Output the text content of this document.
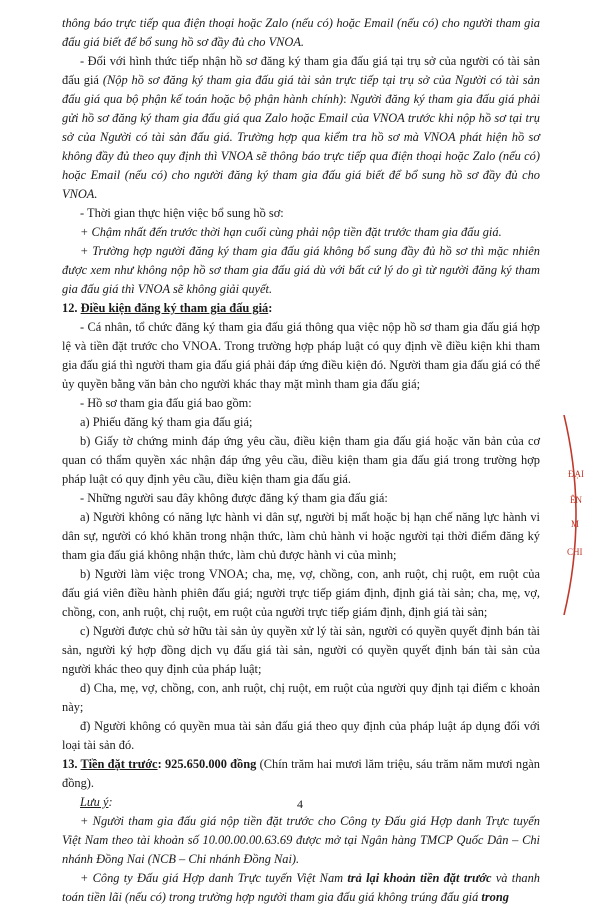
thông báo trực tiếp qua điện thoại hoặc Zalo (nếu có) hoặc Email (nếu có) cho người tham gia đấu giá biết để bổ sung hồ sơ đầy đủ cho VNOA.

- Đối với hình thức tiếp nhận hồ sơ đăng ký tham gia đấu giá tại trụ sở của người có tài sản đấu giá (Nộp hồ sơ đăng ký tham gia đấu giá tài sản trực tiếp tại trụ sở của Người có tài sản đấu giá qua bộ phận kế toán hoặc bộ phận hành chính): Người đăng ký tham gia đấu giá phải gửi hồ sơ đăng ký tham gia đấu giá qua Zalo hoặc Email của VNOA trước khi nộp hồ sơ tại trụ sở của Người có tài sản đấu giá. Trường hợp qua kiểm tra hồ sơ mà VNOA phát hiện hồ sơ không đầy đủ theo quy định thì VNOA sẽ thông báo trực tiếp qua điện thoại hoặc Zalo (nếu có) hoặc Email (nếu có) cho người đăng ký tham gia đấu giá biết để bổ sung hồ sơ đầy đủ cho VNOA.

- Thời gian thực hiện việc bổ sung hồ sơ:

+ Chậm nhất đến trước thời hạn cuối cùng phải nộp tiền đặt trước tham gia đấu giá.

+ Trường hợp người đăng ký tham gia đấu giá không bổ sung đầy đủ hồ sơ thì mặc nhiên được xem như không nộp hồ sơ tham gia đấu giá dù với bất cứ lý do gì từ người đăng ký tham gia đấu giá thì VNOA sẽ không giải quyết.

12. Điều kiện đăng ký tham gia đấu giá:

- Cá nhân, tổ chức đăng ký tham gia đấu giá thông qua việc nộp hồ sơ tham gia đấu giá hợp lệ và tiền đặt trước cho VNOA. Trong trường hợp pháp luật có quy định về điều kiện khi tham gia đấu giá thì người tham gia đấu giá phải đáp ứng điều kiện đó. Người tham gia đấu giá có thể ủy quyền bằng văn bản cho người khác thay mặt mình tham gia đấu giá;

- Hồ sơ tham gia đấu giá bao gồm:

a) Phiếu đăng ký tham gia đấu giá;

b) Giấy tờ chứng minh đáp ứng yêu cầu, điều kiện tham gia đấu giá hoặc văn bản của cơ quan có thẩm quyền xác nhận đáp ứng yêu cầu, điều kiện tham gia đấu giá trong trường hợp pháp luật có quy định yêu cầu, điều kiện tham gia đấu giá.

- Những người sau đây không được đăng ký tham gia đấu giá:

a) Người không có năng lực hành vi dân sự, người bị mất hoặc bị hạn chế năng lực hành vi dân sự, người có khó khăn trong nhận thức, làm chủ hành vi hoặc người tại thời điểm đăng ký tham gia đấu giá không nhận thức, làm chủ được hành vi của mình;

b) Người làm việc trong VNOA; cha, mẹ, vợ, chồng, con, anh ruột, chị ruột, em ruột của đấu giá viên điều hành phiên đấu giá; người trực tiếp giám định, định giá tài sản; cha, mẹ, vợ, chồng, con, anh ruột, chị ruột, em ruột của người trực tiếp giám định, định giá tài sản;

c) Người được chủ sở hữu tài sản ủy quyền xử lý tài sản, người có quyền quyết định bán tài sản, người ký hợp đồng dịch vụ đấu giá tài sản, người có quyền quyết định bán tài sản của người khác theo quy định của pháp luật;

d) Cha, mẹ, vợ, chồng, con, anh ruột, chị ruột, em ruột của người quy định tại điểm c khoản này;

đ) Người không có quyền mua tài sản đấu giá theo quy định của pháp luật áp dụng đối với loại tài sản đó.

13. Tiền đặt trước: 925.650.000 đồng (Chín trăm hai mươi lăm triệu, sáu trăm năm mươi ngàn đồng).

Lưu ý:

+ Người tham gia đấu giá nộp tiền đặt trước cho Công ty Đấu giá Hợp danh Trực tuyến Việt Nam theo tài khoản số 10.00.00.00.63.69 được mở tại Ngân hàng TMCP Quốc Dân – Chi nhánh Đồng Nai (NCB – Chi nhánh Đồng Nai).

+ Công ty Đấu giá Hợp danh Trực tuyến Việt Nam trả lại khoản tiền đặt trước và thanh toán tiền lãi (nếu có) trong trường hợp người tham gia đấu giá không trúng đấu giá trong

4
ĐẠI
ÊN
M
CHI
